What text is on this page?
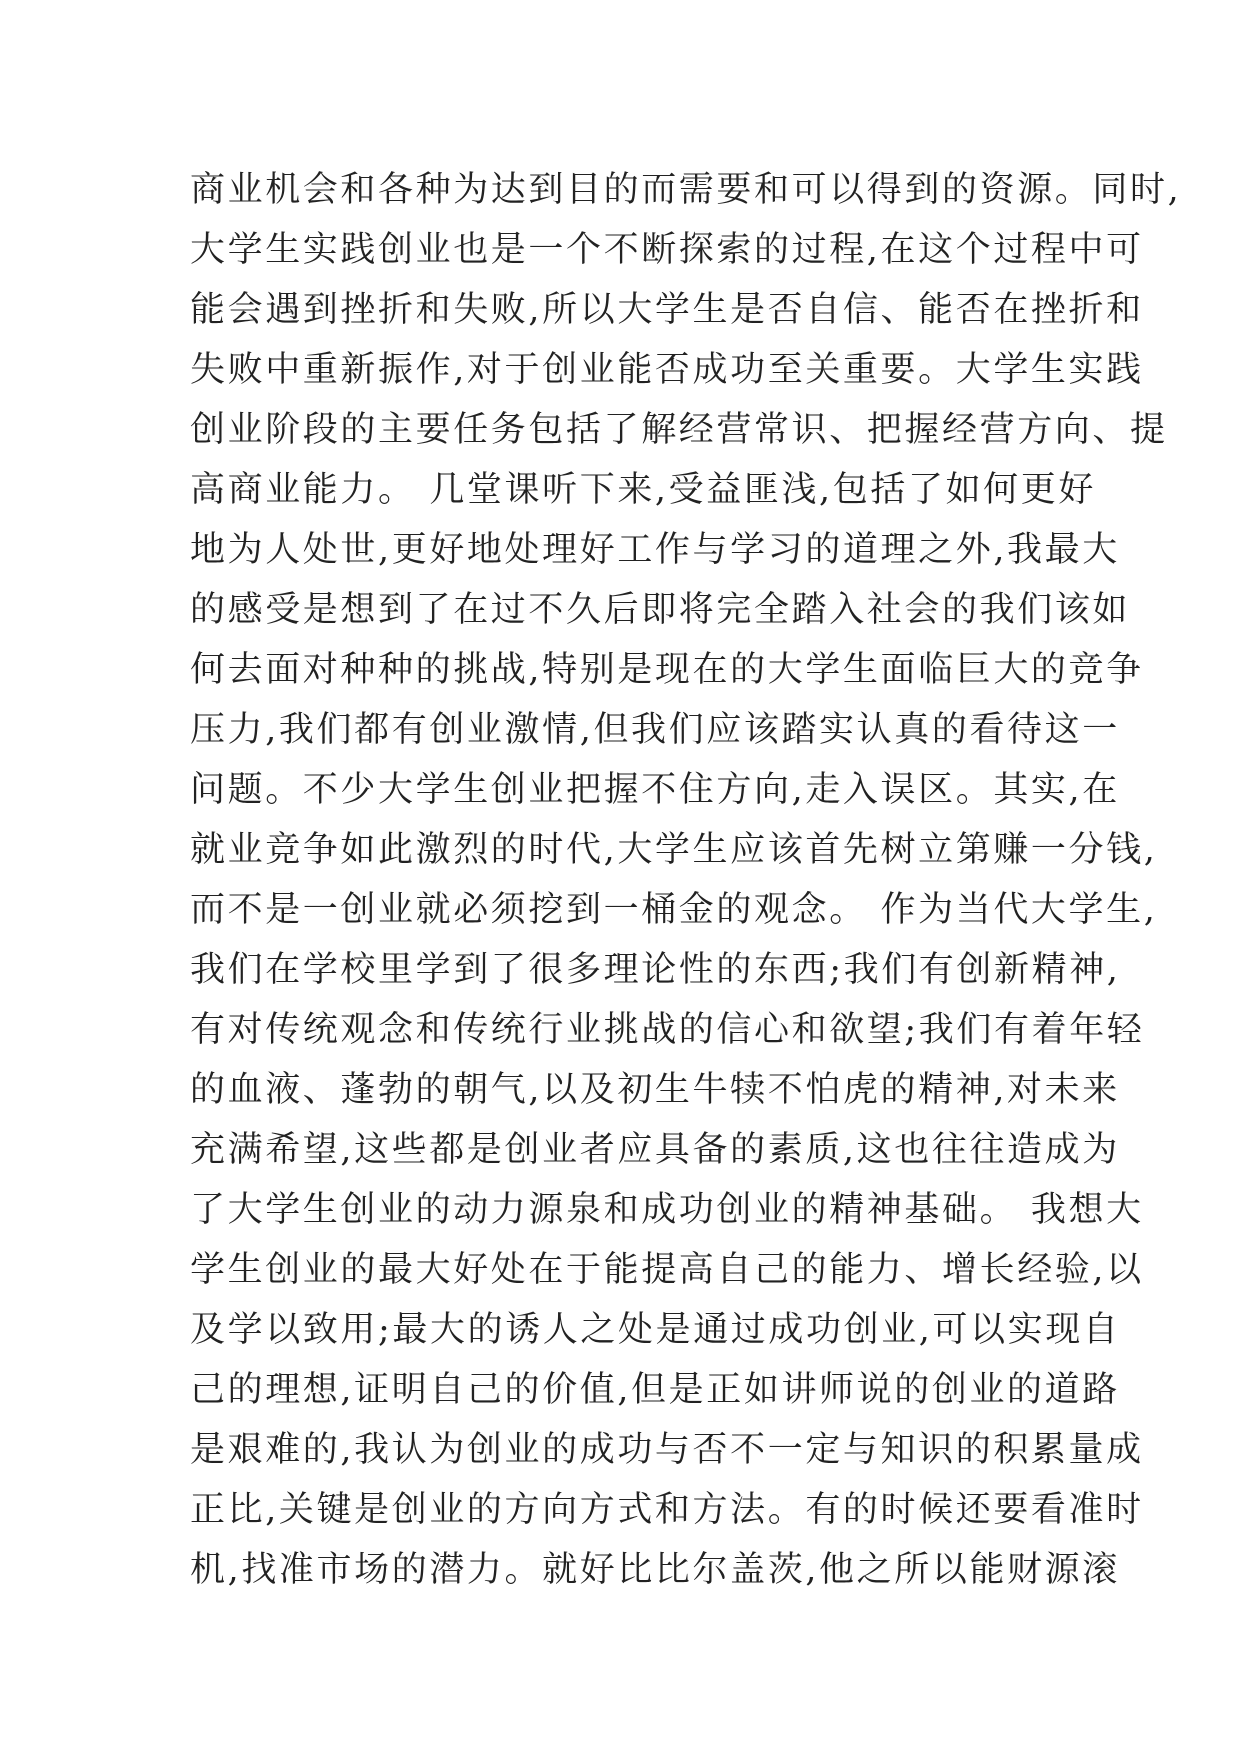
商业机会和各种为达到目的而需要和可以得到的资源。同时,
大学生实践创业也是一个不断探索的过程,在这个过程中可
能会遇到挫折和失败,所以大学生是否自信、能否在挫折和
失败中重新振作,对于创业能否成功至关重要。大学生实践
创业阶段的主要任务包括了解经营常识、把握经营方向、提
高商业能力。 几堂课听下来,受益匪浅,包括了如何更好
地为人处世,更好地处理好工作与学习的道理之外,我最大
的感受是想到了在过不久后即将完全踏入社会的我们该如
何去面对种种的挑战,特别是现在的大学生面临巨大的竞争
压力,我们都有创业激情,但我们应该踏实认真的看待这一
问题。不少大学生创业把握不住方向,走入误区。其实,在
就业竞争如此激烈的时代,大学生应该首先树立第赚一分钱,
而不是一创业就必须挖到一桶金的观念。 作为当代大学生,
我们在学校里学到了很多理论性的东西;我们有创新精神,
有对传统观念和传统行业挑战的信心和欲望;我们有着年轻
的血液、蓬勃的朝气,以及初生牛犊不怕虎的精神,对未来
充满希望,这些都是创业者应具备的素质,这也往往造成为
了大学生创业的动力源泉和成功创业的精神基础。 我想大
学生创业的最大好处在于能提高自己的能力、增长经验,以
及学以致用;最大的诱人之处是通过成功创业,可以实现自
己的理想,证明自己的价值,但是正如讲师说的创业的道路
是艰难的,我认为创业的成功与否不一定与知识的积累量成
正比,关键是创业的方向方式和方法。有的时候还要看准时
机,找准市场的潜力。就好比比尔盖茨,他之所以能财源滚
